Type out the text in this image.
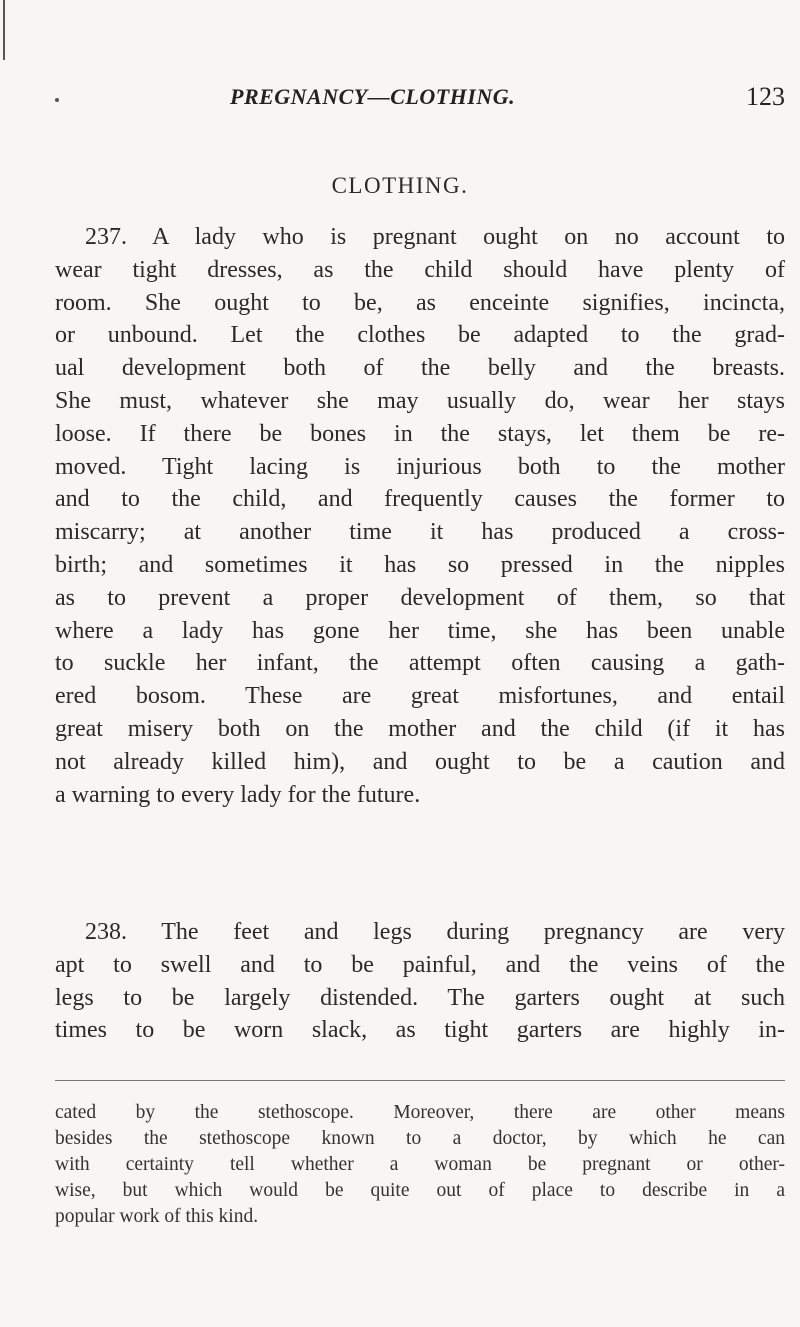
PREGNANCY—CLOTHING.	123
CLOTHING.
237. A lady who is pregnant ought on no account to
wear tight dresses, as the child should have plenty of
room. She ought to be, as enceinte signifies, incincta,
or unbound. Let the clothes be adapted to the grad-
ual development both of the belly and the breasts.
She must, whatever she may usually do, wear her stays
loose. If there be bones in the stays, let them be re-
moved. Tight lacing is injurious both to the mother
and to the child, and frequently causes the former to
miscarry; at another time it has produced a cross-
birth; and sometimes it has so pressed in the nipples
as to prevent a proper development of them, so that
where a lady has gone her time, she has been unable
to suckle her infant, the attempt often causing a gath-
ered bosom. These are great misfortunes, and entail
great misery both on the mother and the child (if it has
not already killed him), and ought to be a caution and
a warning to every lady for the future.
238. The feet and legs during pregnancy are very
apt to swell and to be painful, and the veins of the
legs to be largely distended. The garters ought at such
times to be worn slack, as tight garters are highly in-
cated by the stethoscope. Moreover, there are other means
besides the stethoscope known to a doctor, by which he can
with certainty tell whether a woman be pregnant or other-
wise, but which would be quite out of place to describe in a
popular work of this kind.
